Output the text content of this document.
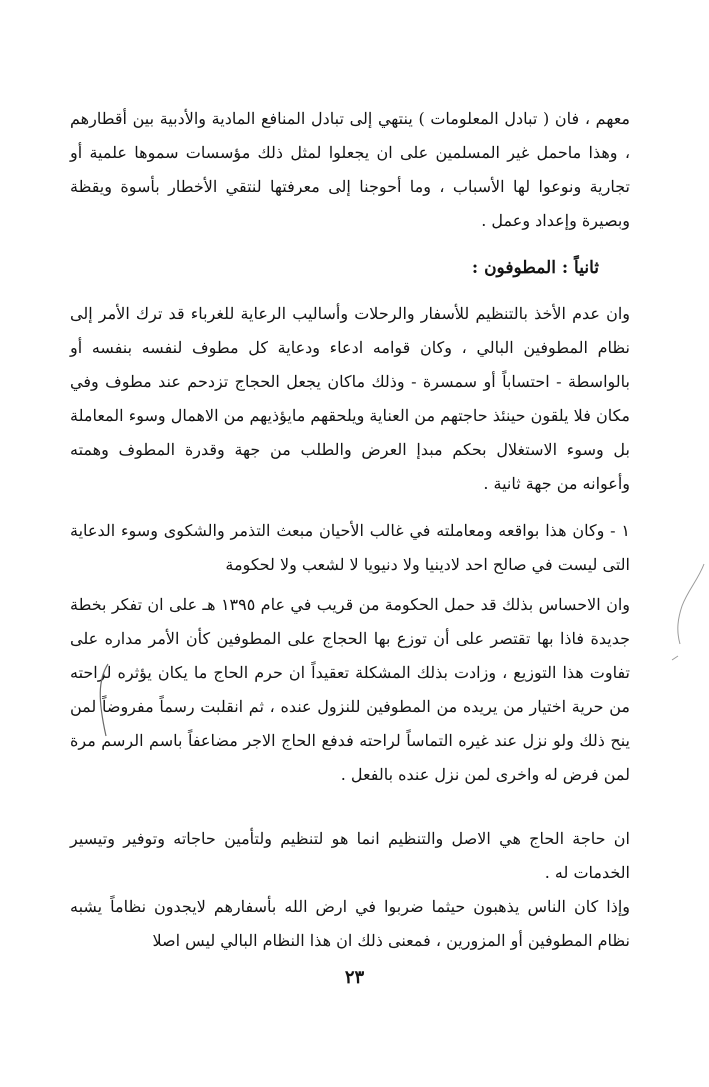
معهم ، فان ( تبادل المعلومات ) ينتهي إلى تبادل المنافع المادية والأدبية بين أقطارهم ، وهذا ماحمل غير المسلمين على ان يجعلوا لمثل ذلك مؤسسات سموها علمية أو تجارية ونوعوا لها الأسباب ، وما أحوجنا إلى معرفتها لنتقي الأخطار بأسوة ويقظة وبصيرة وإعداد وعمل .
ثانياً : المطوفون :
وان عدم الأخذ بالتنظيم للأسفار والرحلات وأساليب الرعاية للغرباء قد ترك الأمر إلى نظام المطوفين البالي ، وكان قوامه ادعاء ودعاية كل مطوف لنفسه بنفسه أو بالواسطة - احتساباً أو سمسرة - وذلك ماكان يجعل الحجاج تزدحم عند مطوف وفي مكان فلا يلقون حينئذ حاجتهم من العناية ويلحقهم مايؤذيهم من الاهمال وسوء المعاملة بل وسوء الاستغلال بحكم مبدإ العرض والطلب من جهة وقدرة المطوف وهمته وأعوانه من جهة ثانية .
١ - وكان هذا بواقعه ومعاملته في غالب الأحيان مبعث التذمر والشكوى وسوء الدعاية التى ليست في صالح احد لادينيا ولا دنيويا لا لشعب ولا لحكومة
وان الاحساس بذلك قد حمل الحكومة من قريب في عام ١٣٩٥ هـ على ان تفكر بخطة جديدة فاذا بها تقتصر على أن توزع بها الحجاج على المطوفين كأن الأمر مداره على تفاوت هذا التوزيع ، وزادت بذلك المشكلة تعقيداً ان حرم الحاج ما يكان يؤثره لراحته من حرية اختيار من يريده من المطوفين للنزول عنده ، ثم انقلبت رسماً مفروضاً لمن ينح ذلك ولو نزل عند غيره التماساً لراحته فدفع الحاج الاجر مضاعفاً باسم الرسم مرة لمن فرض له واخرى لمن نزل عنده بالفعل .
ان حاجة الحاج هي الاصل والتنظيم انما هو لتنظيم ولتأمين حاجاته وتوفير وتيسير الخدمات له .
وإذا كان الناس يذهبون حيثما ضربوا في ارض الله بأسفارهم لايجدون نظاماً يشبه نظام المطوفين أو المزورين ، فمعنى ذلك ان هذا النظام البالي ليس اصلا
٢٣
